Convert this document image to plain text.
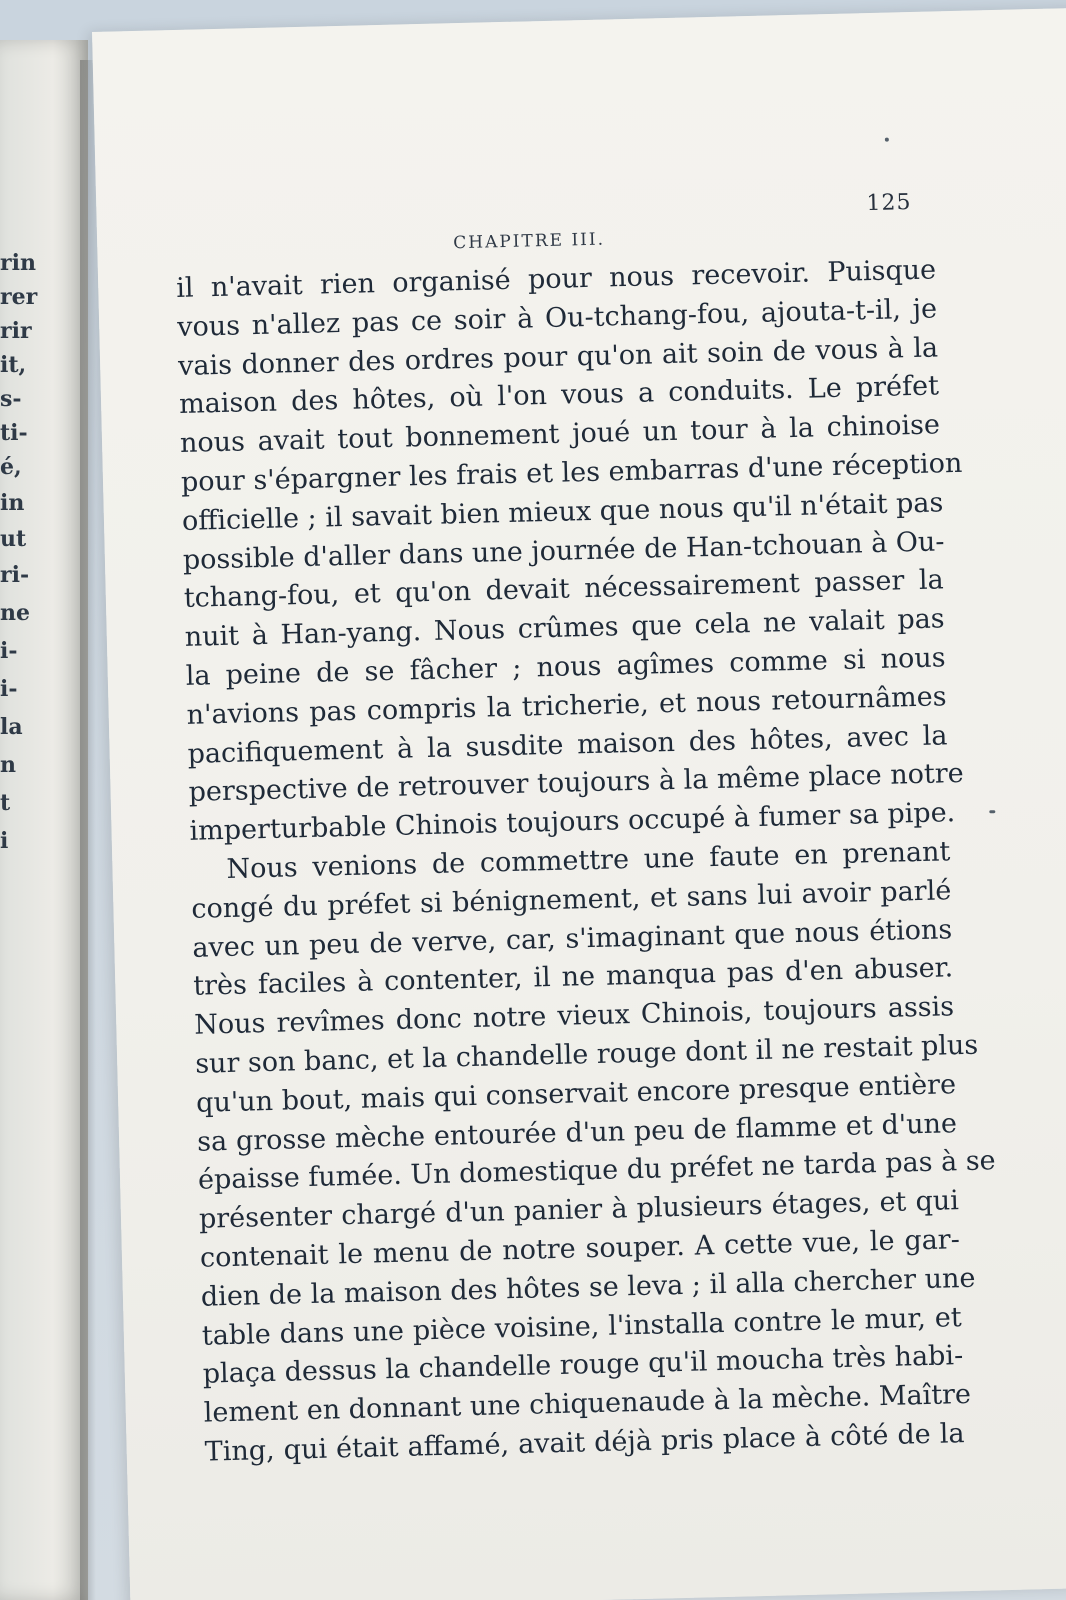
rin
rer
rir
it,
s-
ti-
é,
in
ut
ri-
ne
i-
i-
la
n
t
i
125
CHAPITRE III.
il n'avait rien organisé pour nous recevoir. Puisque
vous n'allez pas ce soir à Ou-tchang-fou, ajouta-t-il, je
vais donner des ordres pour qu'on ait soin de vous à la
maison des hôtes, où l'on vous a conduits. Le préfet
nous avait tout bonnement joué un tour à la chinoise
pour s'épargner les frais et les embarras d'une réception
officielle ; il savait bien mieux que nous qu'il n'était pas
possible d'aller dans une journée de Han-tchouan à Ou-
tchang-fou, et qu'on devait nécessairement passer la
nuit à Han-yang. Nous crûmes que cela ne valait pas
la peine de se fâcher ; nous agîmes comme si nous
n'avions pas compris la tricherie, et nous retournâmes
pacifiquement à la susdite maison des hôtes, avec la
perspective de retrouver toujours à la même place notre
imperturbable Chinois toujours occupé à fumer sa pipe.
Nous venions de commettre une faute en prenant
congé du préfet si bénignement, et sans lui avoir parlé
avec un peu de verve, car, s'imaginant que nous étions
très faciles à contenter, il ne manqua pas d'en abuser.
Nous revîmes donc notre vieux Chinois, toujours assis
sur son banc, et la chandelle rouge dont il ne restait plus
qu'un bout, mais qui conservait encore presque entière
sa grosse mèche entourée d'un peu de flamme et d'une
épaisse fumée. Un domestique du préfet ne tarda pas à se
présenter chargé d'un panier à plusieurs étages, et qui
contenait le menu de notre souper. A cette vue, le gar-
dien de la maison des hôtes se leva ; il alla chercher une
table dans une pièce voisine, l'installa contre le mur, et
plaça dessus la chandelle rouge qu'il moucha très habi-
lement en donnant une chiquenaude à la mèche. Maître
Ting, qui était affamé, avait déjà pris place à côté de la
